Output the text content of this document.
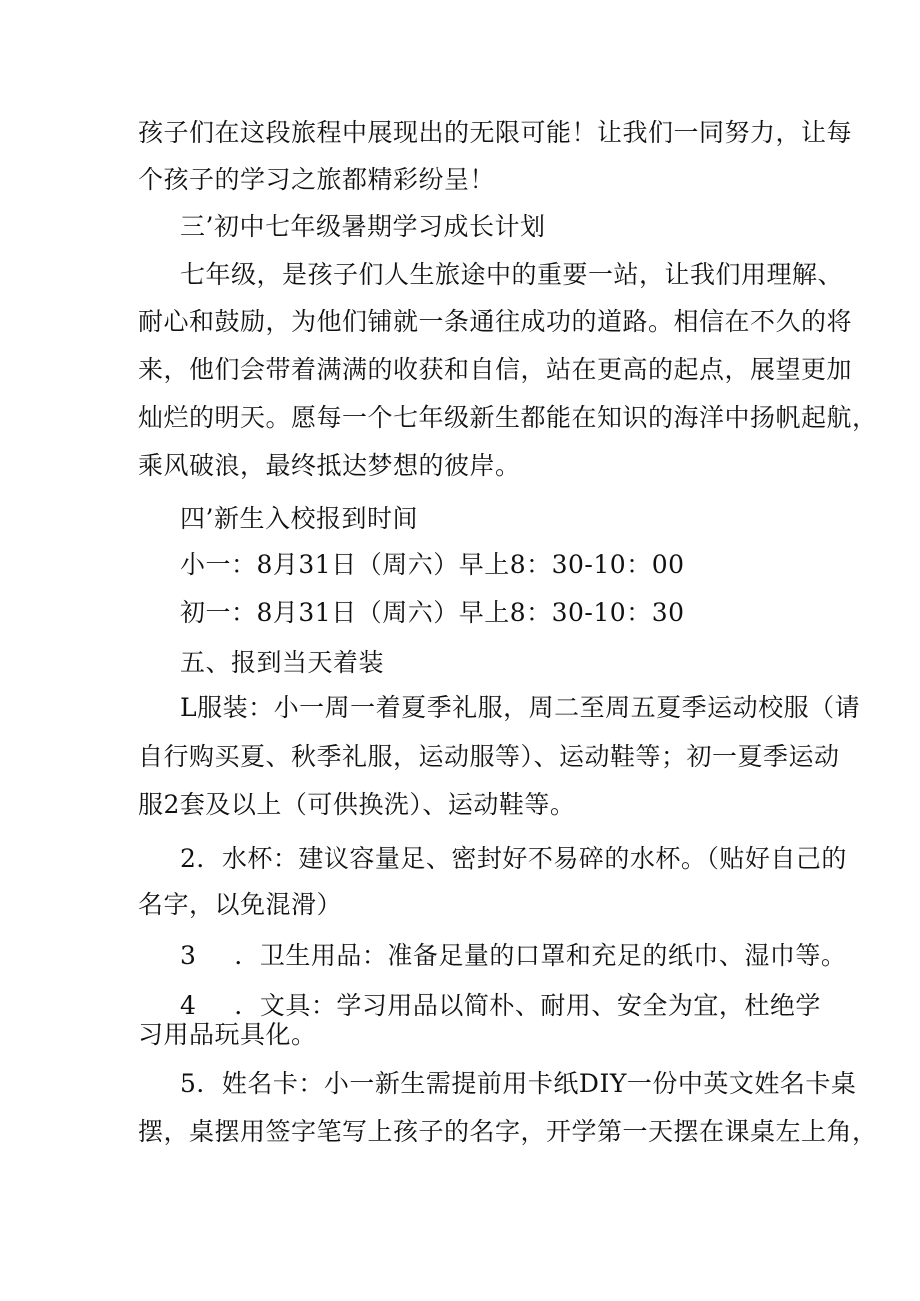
孩子们在这段旅程中展现出的无限可能！让我们一同努力，让每
个孩子的学习之旅都精彩纷呈！
三’初中七年级暑期学习成长计划
七年级，是孩子们人生旅途中的重要一站，让我们用理解、
耐心和鼓励，为他们铺就一条通往成功的道路。相信在不久的将
来，他们会带着满满的收获和自信，站在更高的起点，展望更加
灿烂的明天。愿每一个七年级新生都能在知识的海洋中扬帆起航，
乘风破浪，最终抵达梦想的彼岸。
四’新生入校报到时间
小一：8月31日（周六）早上8：30-10：00
初一：8月31日（周六）早上8：30-10：30
五、报到当天着装
L服装：小一周一着夏季礼服，周二至周五夏季运动校服（请
自行购买夏、秋季礼服，运动服等）、运动鞋等；初一夏季运动
服2套及以上（可供换洗）、运动鞋等。
2．水杯：建议容量足、密封好不易碎的水杯。（贴好自己的
名字，以免混滑）
3 ．卫生用品：准备足量的口罩和充足的纸巾、湿巾等。
4 ．文具：学习用品以简朴、耐用、安全为宜，杜绝学
习用品玩具化。
5．姓名卡：小一新生需提前用卡纸DIY一份中英文姓名卡桌
摆，桌摆用签字笔写上孩子的名字，开学第一天摆在课桌左上角，
